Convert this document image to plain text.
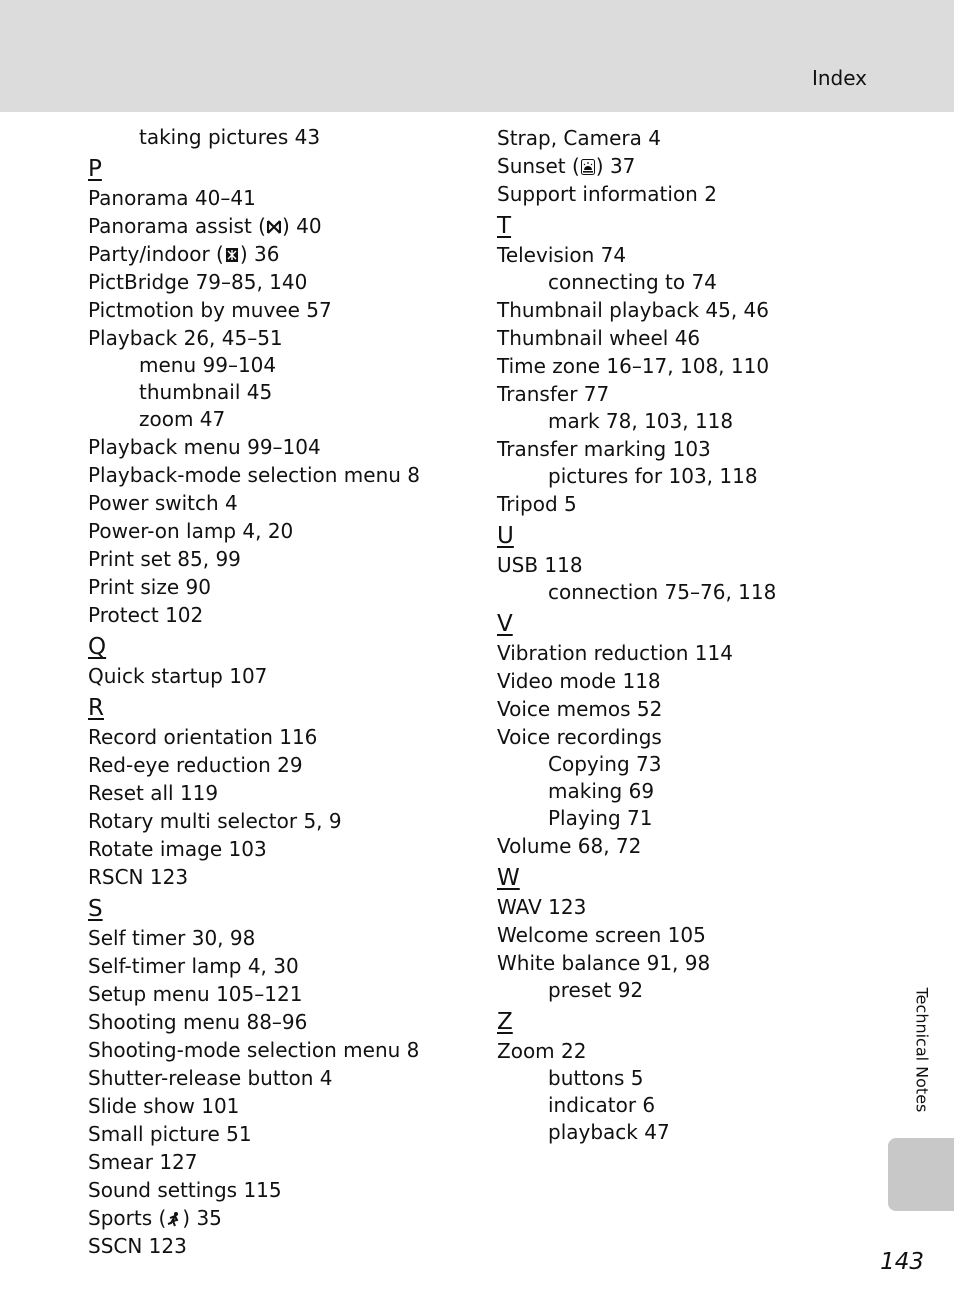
Index
taking pictures 43
P
Panorama 40–41
Panorama assist ( ) 40
Party/indoor ( ) 36
PictBridge 79–85, 140
Pictmotion by muvee 57
Playback 26, 45–51
menu 99–104
thumbnail 45
zoom 47
Playback menu 99–104
Playback-mode selection menu 8
Power switch 4
Power-on lamp 4, 20
Print set 85, 99
Print size 90
Protect 102
Q
Quick startup 107
R
Record orientation 116
Red-eye reduction 29
Reset all 119
Rotary multi selector 5, 9
Rotate image 103
RSCN 123
S
Self timer 30, 98
Self-timer lamp 4, 30
Setup menu 105–121
Shooting menu 88–96
Shooting-mode selection menu 8
Shutter-release button 4
Slide show 101
Small picture 51
Smear 127
Sound settings 115
Sports ( ) 35
SSCN 123
Strap, Camera 4
Sunset ( ) 37
Support information 2
T
Television 74
connecting to 74
Thumbnail playback 45, 46
Thumbnail wheel 46
Time zone 16–17, 108, 110
Transfer 77
mark 78, 103, 118
Transfer marking 103
pictures for 103, 118
Tripod 5
U
USB 118
connection 75–76, 118
V
Vibration reduction 114
Video mode 118
Voice memos 52
Voice recordings
Copying 73
making 69
Playing 71
Volume 68, 72
W
WAV 123
Welcome screen 105
White balance 91, 98
preset 92
Z
Zoom 22
buttons 5
indicator 6
playback 47
Technical Notes
143
